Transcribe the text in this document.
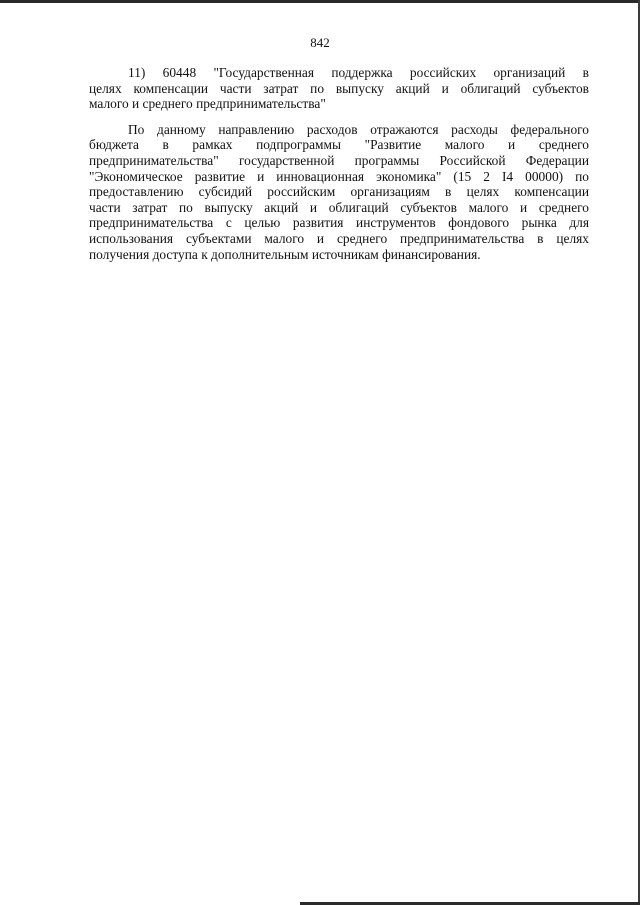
842

11) 60448 "Государственная поддержка российских организаций в
целях компенсации части затрат по выпуску акций и облигаций субъектов
малого и среднего предпринимательства"

По данному направлению расходов отражаются расходы федерального
бюджета в рамках подпрограммы "Развитие малого и среднего
предпринимательства" государственной программы Российской Федерации
"Экономическое развитие и инновационная экономика" (15 2 I4 00000) по
предоставлению субсидий российским организациям в целях компенсации
части затрат по выпуску акций и облигаций субъектов малого и среднего
предпринимательства с целью развития инструментов фондового рынка для
использования субъектами малого и среднего предпринимательства в целях
получения доступа к дополнительным источникам финансирования.
